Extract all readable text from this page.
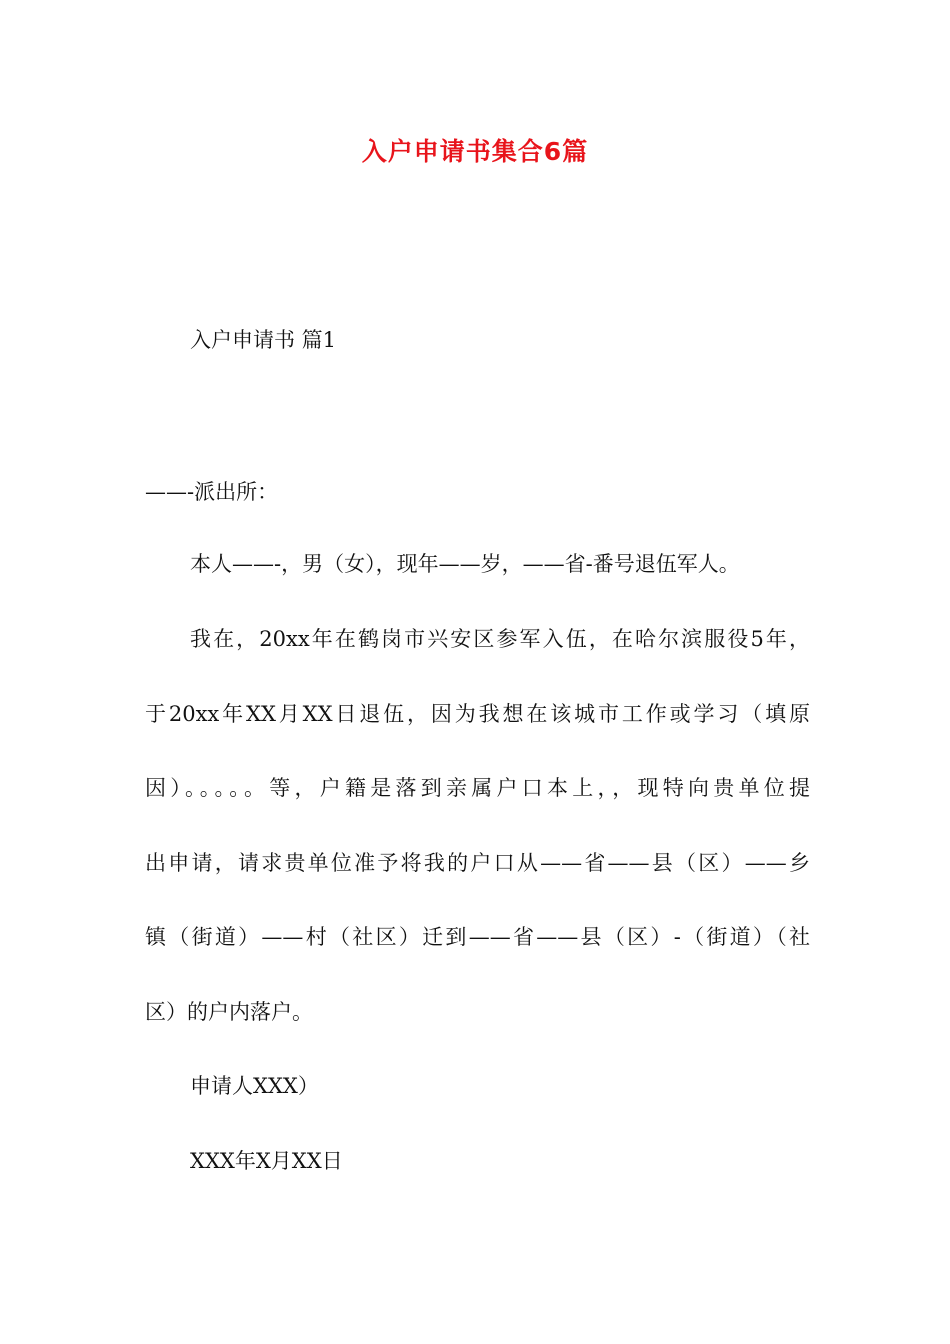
入户申请书集合6篇
入户申请书 篇1
——-派出所：
本人——-，男（女），现年——岁，——省-番号退伍军人。
我在，20xx年在鹤岗市兴安区参军入伍，在哈尔滨服役5年，
于20xx年XX月XX日退伍，因为我想在该城市工作或学习（填原
因）。。。。。等，户籍是落到亲属户口本上，，现特向贵单位提
出申请，请求贵单位准予将我的户口从——省——县（区）——乡
镇（街道）——村（社区）迁到——省——县（区）-（街道）（社
区）的户内落户。
申请人XXX）
XXX年X月XX日
